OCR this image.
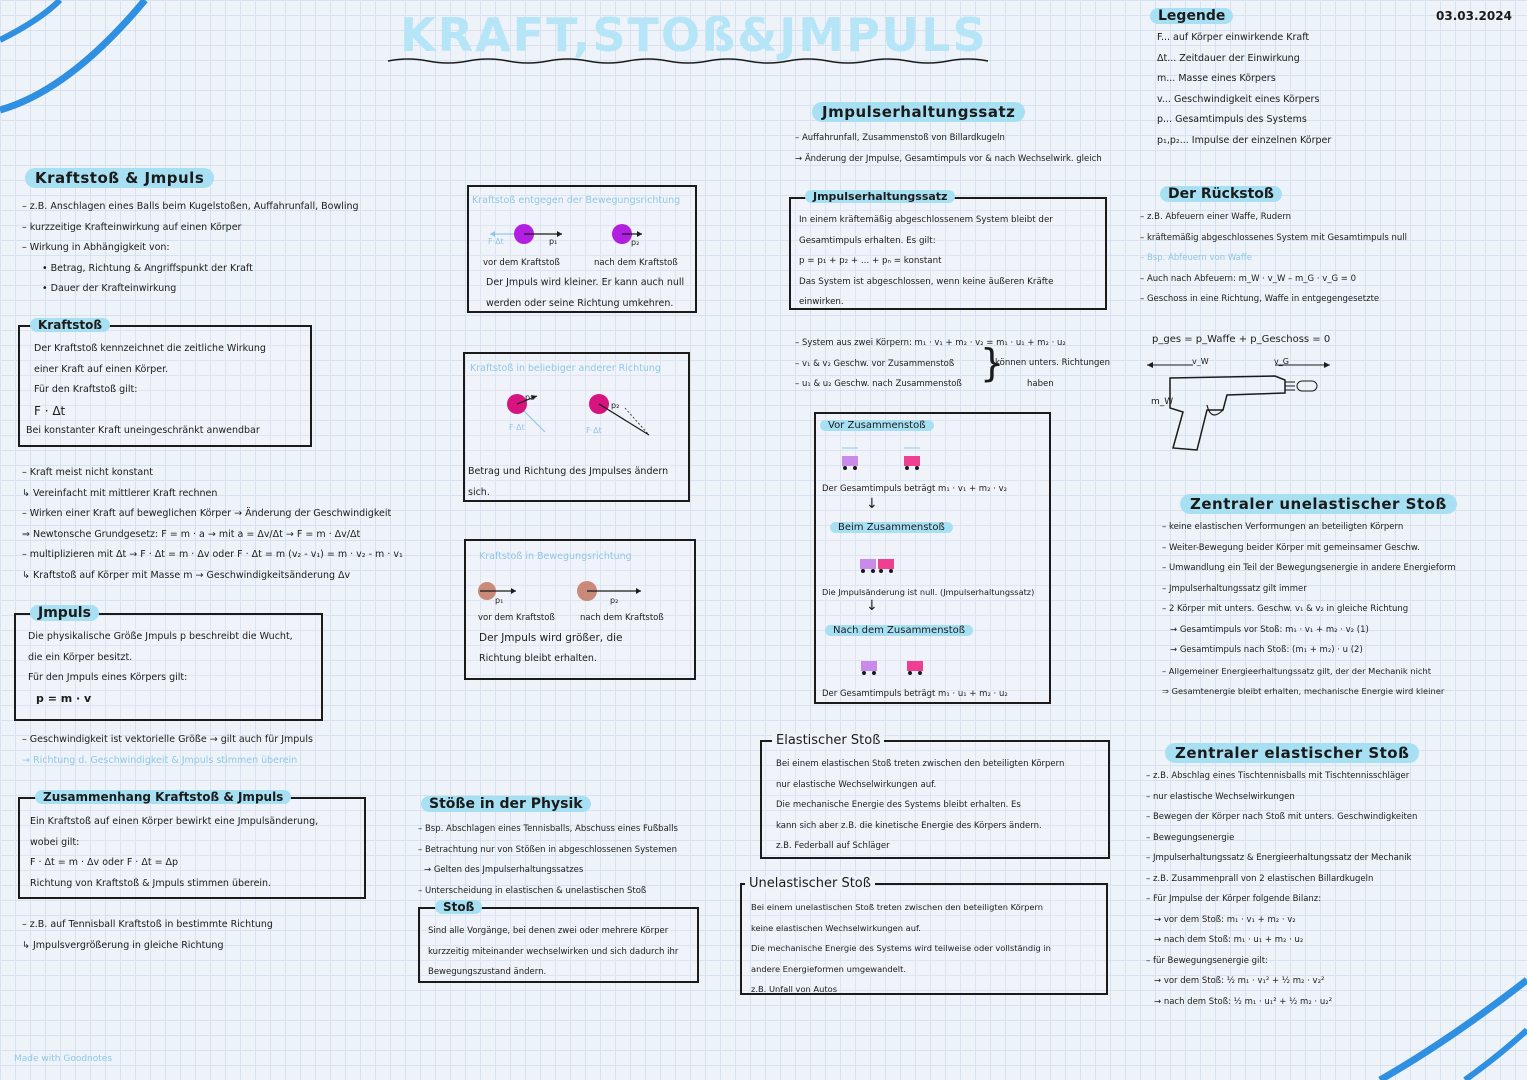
KRAFT,STOß&JMPULS	03.03.2024
Legende
F... auf Körper einwirkende Kraft
Δt... Zeitdauer der Einwirkung
m... Masse eines Körpers
v... Geschwindigkeit eines Körpers
p... Gesamtimpuls des Systems
p₁,p₂... Impulse der einzelnen Körper
Kraftstoß & Jmpuls
– z.B. Anschlagen eines Balls beim Kugelstoßen, Auffahrunfall, Bowling
– kurzzeitige Krafteinwirkung auf einen Körper
– Wirkung in Abhängigkeit von:
• Betrag, Richtung & Angriffspunkt der Kraft
• Dauer der Krafteinwirkung
Kraftstoß
Der Kraftstoß kennzeichnet die zeitliche Wirkung
einer Kraft auf einen Körper.
Für den Kraftstoß gilt:
F · Δt
Bei konstanter Kraft uneingeschränkt anwendbar
– Kraft meist nicht konstant
↳ Vereinfacht mit mittlerer Kraft rechnen
– Wirken einer Kraft auf beweglichen Körper → Änderung der Geschwindigkeit
⇒ Newtonsche Grundgesetz: F = m · a → mit a = Δv/Δt → F = m · Δv/Δt
– multiplizieren mit Δt → F · Δt = m · Δv oder F · Δt = m (v₂ - v₁) = m · v₂ - m · v₁
↳ Kraftstoß auf Körper mit Masse m → Geschwindigkeitsänderung Δv
Jmpuls
Die physikalische Größe Jmpuls p beschreibt die Wucht,
die ein Körper besitzt.
Für den Jmpuls eines Körpers gilt:
p = m · v
– Geschwindigkeit ist vektorielle Größe → gilt auch für Jmpuls
→ Richtung d. Geschwindigkeit & Jmpuls stimmen überein
Zusammenhang Kraftstoß & Jmpuls
Ein Kraftstoß auf einen Körper bewirkt eine Jmpulsänderung,
wobei gilt:
F · Δt = m · Δv oder F · Δt = Δp
Richtung von Kraftstoß & Jmpuls stimmen überein.
– z.B. auf Tennisball Kraftstoß in bestimmte Richtung
↳ Jmpulsvergrößerung in gleiche Richtung
Kraftstoß entgegen der Bewegungsrichtung
F·Δt	p₁	p₂
vor dem Kraftstoß	nach dem Kraftstoß
Der Jmpuls wird kleiner. Er kann auch null
werden oder seine Richtung umkehren.
Kraftstoß in beliebiger anderer Richtung
F·Δt	F·Δt
p₁
p₂
Betrag und Richtung des Jmpulses ändern
sich.
Kraftstoß in Bewegungsrichtung
p₁	p₂
vor dem Kraftstoß	nach dem Kraftstoß
Der Jmpuls wird größer, die
Richtung bleibt erhalten.
Stöße in der Physik
– Bsp. Abschlagen eines Tennisballs, Abschuss eines Fußballs
– Betrachtung nur von Stößen in abgeschlossenen Systemen
→ Gelten des Jmpulserhaltungssatzes
– Unterscheidung in elastischen & unelastischen Stoß
Stoß
Sind alle Vorgänge, bei denen zwei oder mehrere Körper
kurzzeitig miteinander wechselwirken und sich dadurch ihr
Bewegungszustand ändern.
Jmpulserhaltungssatz
– Auffahrunfall, Zusammenstoß von Billardkugeln
→ Änderung der Jmpulse, Gesamtimpuls vor & nach Wechselwirk. gleich
Jmpulserhaltungssatz
In einem kräftemäßig abgeschlossenem System bleibt der
Gesamtimpuls erhalten. Es gilt:
p = p₁ + p₂ + ... + pₙ = konstant
Das System ist abgeschlossen, wenn keine äußeren Kräfte
einwirken.
– System aus zwei Körpern: m₁ · v₁ + m₂ · v₂ = m₁ · u₁ + m₂ · u₂
– v₁ & v₂ Geschw. vor Zusammenstoß
– u₁ & u₂ Geschw. nach Zusammenstoß }
können unters. Richtungen
haben
Vor Zusammenstoß
Der Gesamtimpuls beträgt m₁ · v₁ + m₂ · v₂
↓
Beim Zusammenstoß
Die Jmpulsänderung ist null. (Jmpulserhaltungssatz)
↓
Nach dem Zusammenstoß
Der Gesamtimpuls beträgt m₁ · u₁ + m₂ · u₂
Elastischer Stoß
Bei einem elastischen Stoß treten zwischen den beteiligten Körpern
nur elastische Wechselwirkungen auf.
Die mechanische Energie des Systems bleibt erhalten. Es
kann sich aber z.B. die kinetische Energie des Körpers ändern.
z.B. Federball auf Schläger
Unelastischer Stoß
Bei einem unelastischen Stoß treten zwischen den beteiligten Körpern
keine elastischen Wechselwirkungen auf.
Die mechanische Energie des Systems wird teilweise oder vollständig in
andere Energieformen umgewandelt.
z.B. Unfall von Autos
Der Rückstoß
– z.B. Abfeuern einer Waffe, Rudern
– kräftemäßig abgeschlossenes System mit Gesamtimpuls null
– Bsp. Abfeuern von Waffe
– Auch nach Abfeuern: m_W · v_W – m_G · v_G = 0
– Geschoss in eine Richtung, Waffe in entgegengesetzte
p_ges = p_Waffe + p_Geschoss = 0
v_W	v_G
m_W
Zentraler unelastischer Stoß
– keine elastischen Verformungen an beteiligten Körpern
– Weiter-Bewegung beider Körper mit gemeinsamer Geschw.
– Umwandlung ein Teil der Bewegungsenergie in andere Energieform
– Jmpulserhaltungssatz gilt immer
– 2 Körper mit unters. Geschw. v₁ & v₂ in gleiche Richtung
→ Gesamtimpuls vor Stoß: m₁ · v₁ + m₂ · v₂ (1)
→ Gesamtimpuls nach Stoß: (m₁ + m₂) · u (2)
– Allgemeiner Energieerhaltungssatz gilt, der der Mechanik nicht
⇒ Gesamtenergie bleibt erhalten, mechanische Energie wird kleiner
Zentraler elastischer Stoß
– z.B. Abschlag eines Tischtennisballs mit Tischtennisschläger
– nur elastische Wechselwirkungen
– Bewegen der Körper nach Stoß mit unters. Geschwindigkeiten
– Bewegungsenergie
– Jmpulserhaltungssatz & Energieerhaltungssatz der Mechanik
– z.B. Zusammenprall von 2 elastischen Billardkugeln
– Für Jmpulse der Körper folgende Bilanz:
→ vor dem Stoß: m₁ · v₁ + m₂ · v₂
→ nach dem Stoß: m₁ · u₁ + m₂ · u₂
– für Bewegungsenergie gilt:
→ vor dem Stoß: ½ m₁ · v₁² + ½ m₂ · v₂²
→ nach dem Stoß: ½ m₁ · u₁² + ½ m₂ · u₂²
Made with Goodnotes
